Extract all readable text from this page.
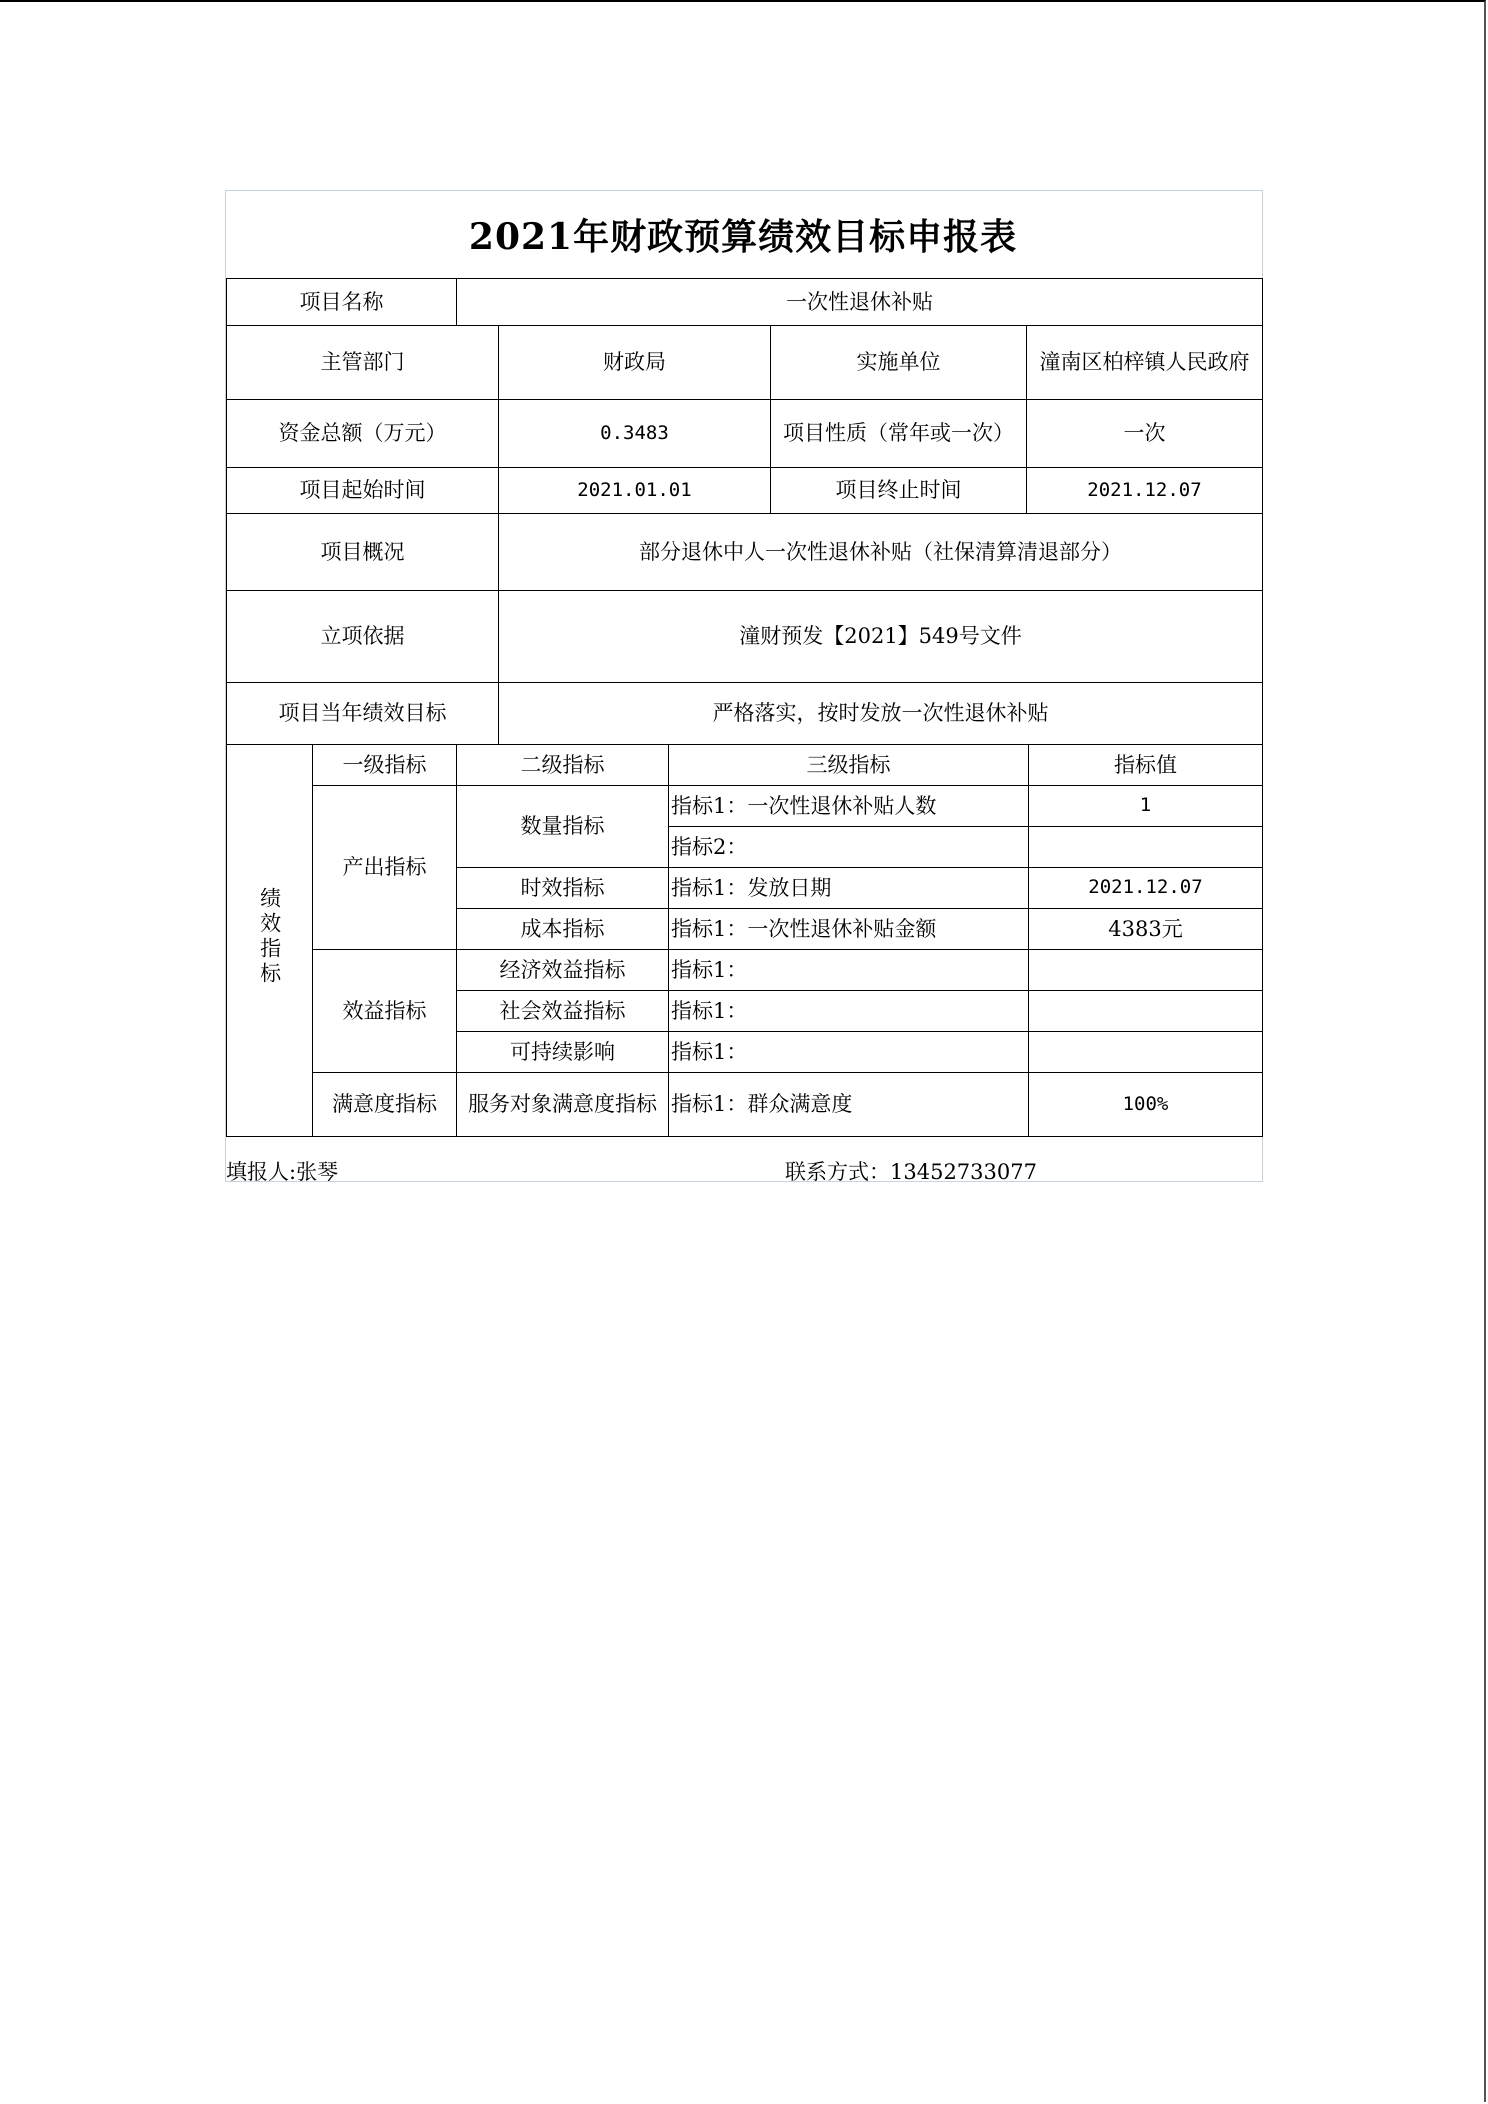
2021年财政预算绩效目标申报表
项目名称	一次性退休补贴
主管部门	财政局	实施单位	潼南区柏梓镇人民政府
资金总额（万元）	0.3483	项目性质（常年或一次）	一次
项目起始时间	2021.01.01	项目终止时间	2021.12.07
项目概况	部分退休中人一次性退休补贴（社保清算清退部分）		
立项依据	潼财预发【2021】549号文件		
项目当年绩效目标	严格落实，按时发放一次性退休补贴		
绩效指标	一级指标	二级指标	三级指标	指标值
	产出指标	数量指标	指标1：一次性退休补贴人数	1
			指标2：	
		时效指标	指标1：发放日期	2021.12.07
		成本指标	指标1：一次性退休补贴金额	4383元
	效益指标	经济效益指标	指标1：	
		社会效益指标	指标1：	
		可持续影响	指标1：	
	满意度指标	服务对象满意度指标	指标1：群众满意度	100%
填报人:张琴	联系方式：13452733077
